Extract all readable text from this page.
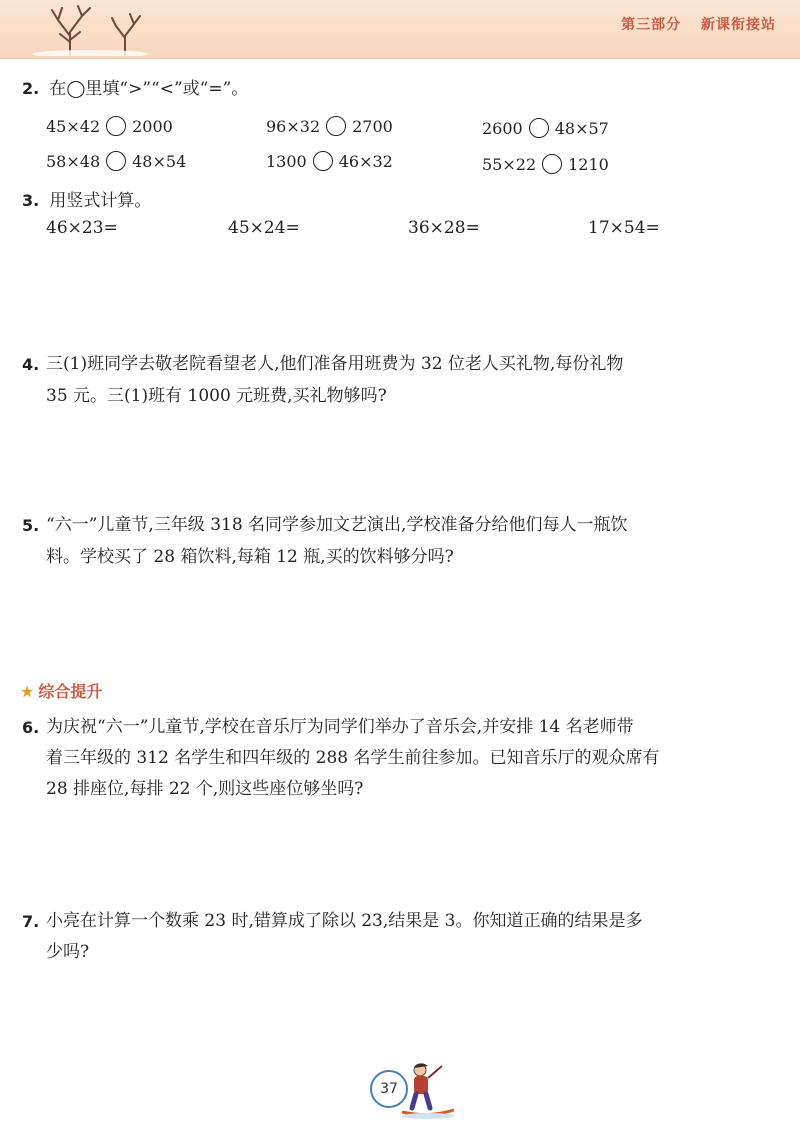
第三部分 新课衔接站
2. 在◯里填“>”“<”或“=”。
45×42 2000	96×32 2700	2600 48×57
58×48 48×54	1300 46×32	55×22 1210
3. 用竖式计算。
46×23=	45×24=	36×28=	17×54=
4. 三(1)班同学去敬老院看望老人,他们准备用班费为 32 位老人买礼物,每份礼物
35 元。三(1)班有 1000 元班费,买礼物够吗?
5. “六一”儿童节,三年级 318 名同学参加文艺演出,学校准备分给他们每人一瓶饮
料。学校买了 28 箱饮料,每箱 12 瓶,买的饮料够分吗?
★ 综合提升
6. 为庆祝“六一”儿童节,学校在音乐厅为同学们举办了音乐会,并安排 14 名老师带
着三年级的 312 名学生和四年级的 288 名学生前往参加。已知音乐厅的观众席有
28 排座位,每排 22 个,则这些座位够坐吗?
7. 小亮在计算一个数乘 23 时,错算成了除以 23,结果是 3。你知道正确的结果是多
少吗?
37
